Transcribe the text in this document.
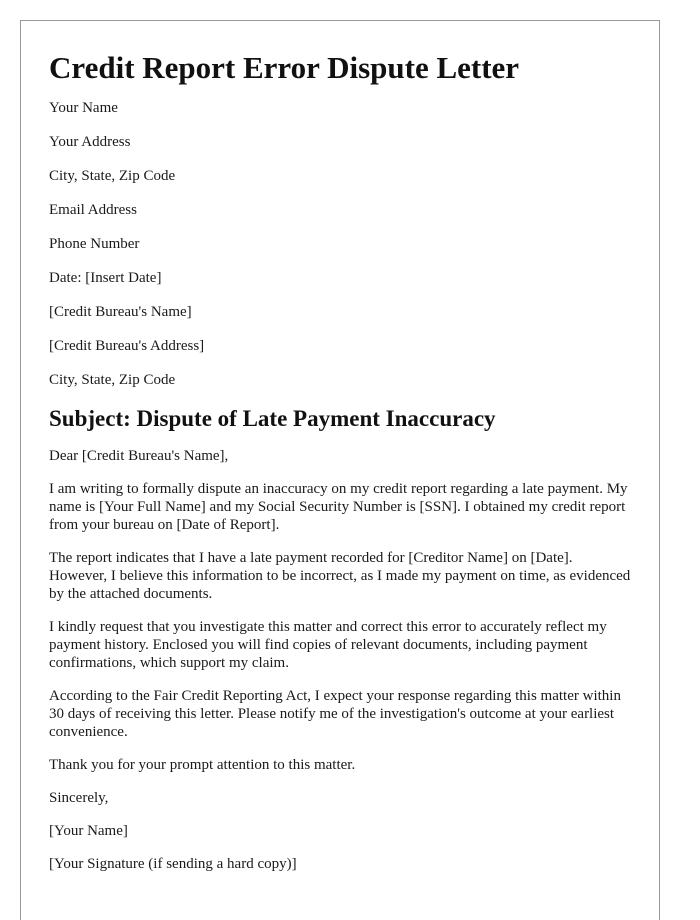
Credit Report Error Dispute Letter

Your Name

Your Address

City, State, Zip Code

Email Address

Phone Number

Date: [Insert Date]

[Credit Bureau's Name]

[Credit Bureau's Address]

City, State, Zip Code

Subject: Dispute of Late Payment Inaccuracy

Dear [Credit Bureau's Name],

I am writing to formally dispute an inaccuracy on my credit report regarding a late payment. My name is [Your Full Name] and my Social Security Number is [SSN]. I obtained my credit report from your bureau on [Date of Report].

The report indicates that I have a late payment recorded for [Creditor Name] on [Date]. However, I believe this information to be incorrect, as I made my payment on time, as evidenced by the attached documents.

I kindly request that you investigate this matter and correct this error to accurately reflect my payment history. Enclosed you will find copies of relevant documents, including payment confirmations, which support my claim.

According to the Fair Credit Reporting Act, I expect your response regarding this matter within 30 days of receiving this letter. Please notify me of the investigation's outcome at your earliest convenience.

Thank you for your prompt attention to this matter.

Sincerely,

[Your Name]

[Your Signature (if sending a hard copy)]
